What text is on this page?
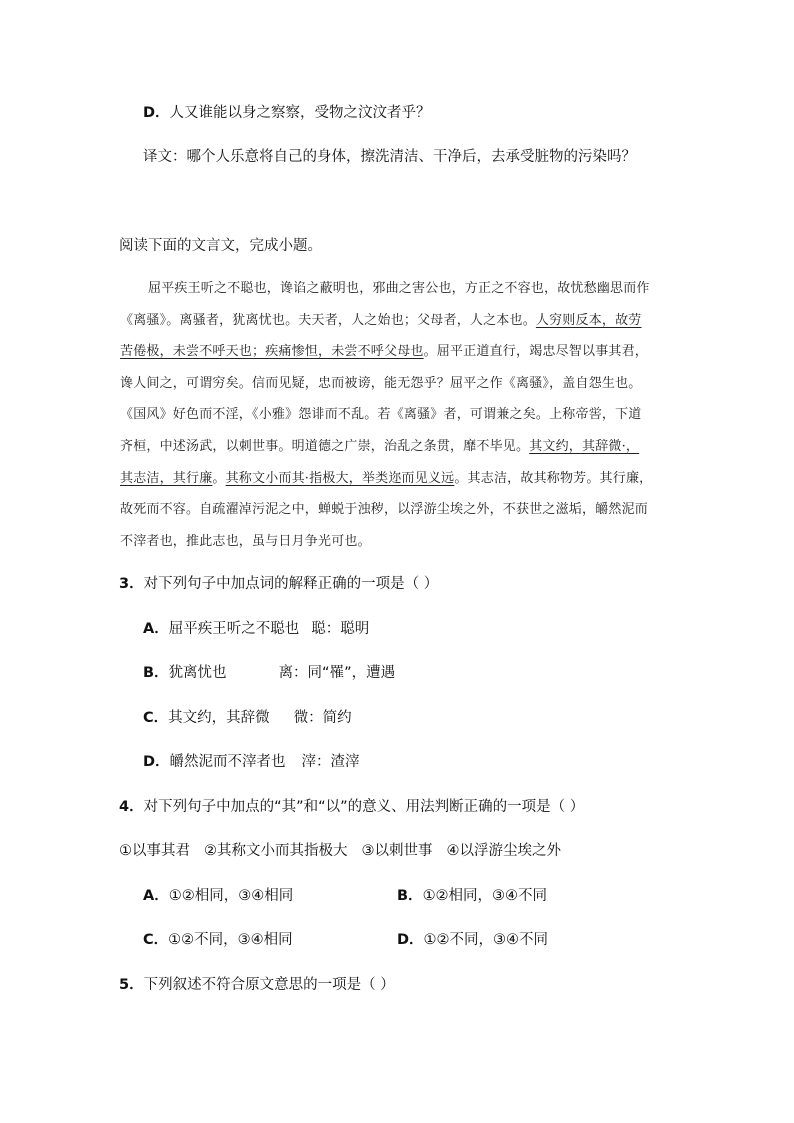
D．人又谁能以身之察察，受物之汶汶者乎？
译文：哪个人乐意将自己的身体，擦洗清洁、干净后，去承受脏物的污染吗？
阅读下面的文言文，完成小题。
屈平疾王听之不聪也，谗谄之蔽明也，邪曲之害公也，方正之不容也，故忧愁幽思而作
《离骚》。离骚者，犹离忧也。夫天者，人之始也；父母者，人之本也。人穷则反本，故劳
苦倦极，未尝不呼天也；疾痛惨怛，未尝不呼父母也。屈平正道直行，竭忠尽智以事其君，
谗人间之，可谓穷矣。信而见疑，忠而被谤，能无怨乎？屈平之作《离骚》，盖自怨生也。
《国风》好色而不淫，《小雅》怨诽而不乱。若《离骚》者，可谓兼之矣。上称帝喾，下道
齐桓，中述汤武，以刺世事。明道德之广崇，治乱之条贯，靡不毕见。其文约，其辞微·，
其志洁，其行廉。其称文小而其·指极大，举类迩而见义远。其志洁，故其称物芳。其行廉，
故死而不容。自疏濯淖污泥之中，蝉蜕于浊秽，以浮游尘埃之外，不获世之滋垢，皭然泥而
不滓者也，推此志也，虽与日月争光可也。
3．对下列句子中加点词的解释正确的一项是（ ）
A．屈平疾王听之不聪也 聪：聪明
B．犹离忧也	离：同“罹”，遭遇
C．其文约，其辞微 微：简约
D．皭然泥而不滓者也 滓：渣滓
4．对下列句子中加点的“其”和“以”的意义、用法判断正确的一项是（ ）
①以事其君 ②其称文小而其指极大 ③以刺世事 ④以浮游尘埃之外
A．①②相同，③④相同	B．①②相同，③④不同
C．①②不同，③④相同	D．①②不同，③④不同
5．下列叙述不符合原文意思的一项是（ ）
